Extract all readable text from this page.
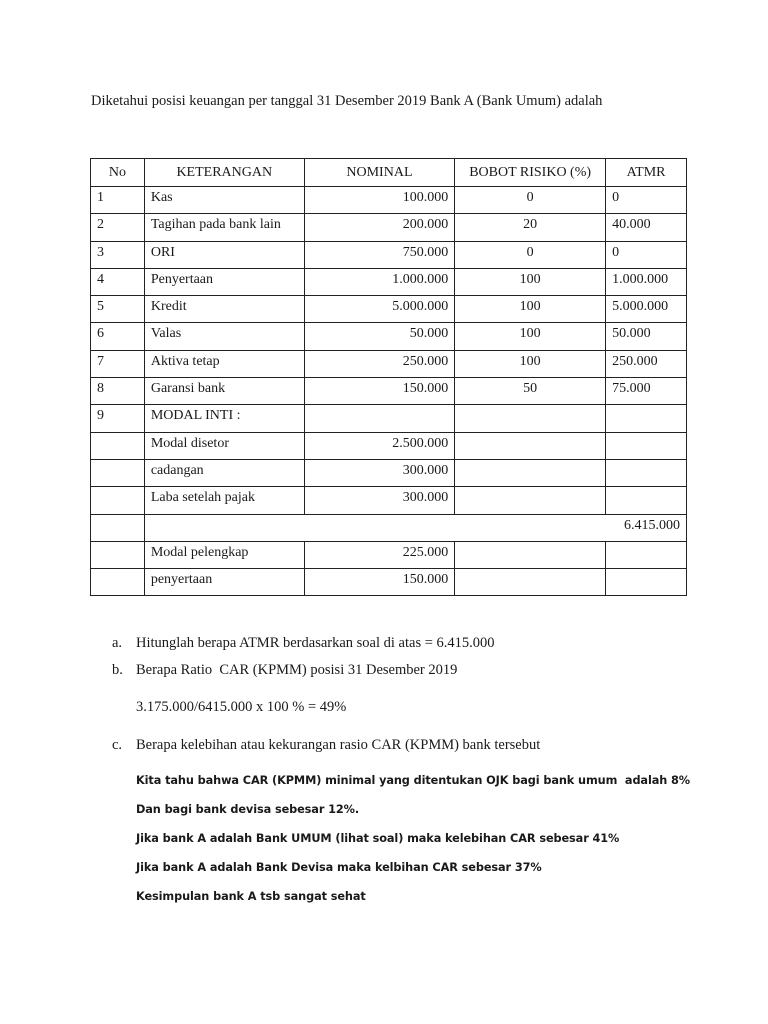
Diketahui posisi keuangan per tanggal 31 Desember 2019 Bank A (Bank Umum) adalah
No	KETERANGAN	NOMINAL	BOBOT RISIKO (%)	ATMR
1	Kas	100.000	0	0
2	Tagihan pada bank lain	200.000	20	40.000
3	ORI	750.000	0	0
4	Penyertaan	1.000.000	100	1.000.000
5	Kredit	5.000.000	100	5.000.000
6	Valas	50.000	100	50.000
7	Aktiva tetap	250.000	100	250.000
8	Garansi bank	150.000	50	75.000
9	MODAL INTI :			
	Modal disetor	2.500.000		
	cadangan	300.000		
	Laba setelah pajak	300.000		
	6.415.000			
	Modal pelengkap	225.000		
	penyertaan	150.000		
a. Hitunglah berapa ATMR berdasarkan soal di atas = 6.415.000
b. Berapa Ratio  CAR (KPMM) posisi 31 Desember 2019
3.175.000/6415.000 x 100 % = 49%
c. Berapa kelebihan atau kekurangan rasio CAR (KPMM) bank tersebut
Kita tahu bahwa CAR (KPMM) minimal yang ditentukan OJK bagi bank umum  adalah 8%
Dan bagi bank devisa sebesar 12%.
Jika bank A adalah Bank UMUM (lihat soal) maka kelebihan CAR sebesar 41%
Jika bank A adalah Bank Devisa maka kelbihan CAR sebesar 37%
Kesimpulan bank A tsb sangat sehat
